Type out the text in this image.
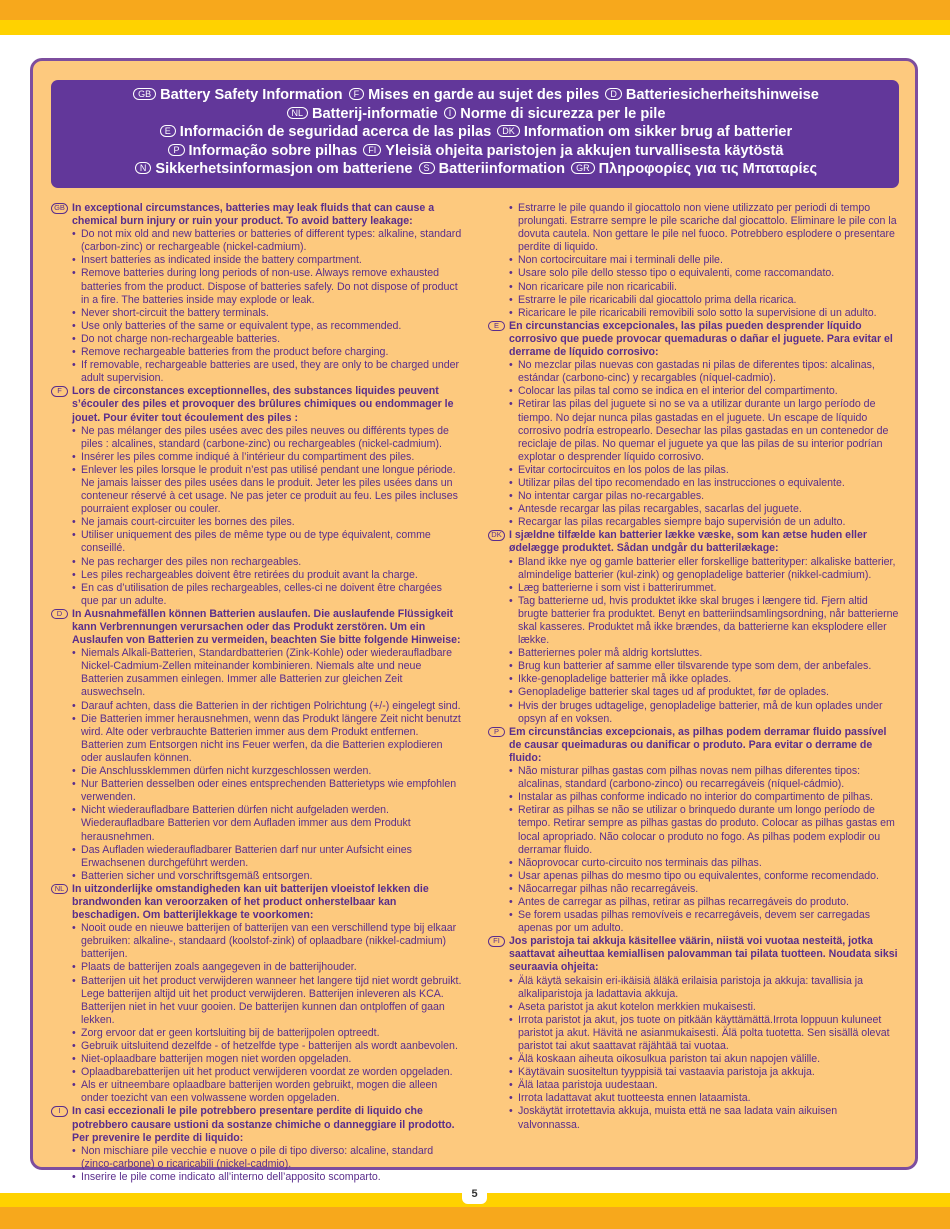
GB Battery Safety Information F Mises en garde au sujet des piles D Batteriesicherheitshinweise
NL Batterij-informatie I Norme di sicurezza per le pile
E Información de seguridad acerca de las pilas DK Information om sikker brug af batterier
P Informação sobre pilhas FI Yleisiä ohjeita paristojen ja akkujen turvallisesta käytöstä
N Sikkerhetsinformasjon om batteriene S Batteriinformation GR Πληροφορίες για τις Μπαταρίες
GB In exceptional circumstances, batteries may leak fluids that can cause a chemical burn injury or ruin your product. To avoid battery leakage:

• Do not mix old and new batteries or batteries of different types: alkaline, standard (carbon-zinc) or rechargeable (nickel-cadmium).
• Insert batteries as indicated inside the battery compartment.
• Remove batteries during long periods of non-use. Always remove exhausted batteries from the product. Dispose of batteries safely. Do not dispose of product in a fire. The batteries inside may explode or leak.
• Never short-circuit the battery terminals.
• Use only batteries of the same or equivalent type, as recommended.
• Do not charge non-rechargeable batteries.
• Remove rechargeable batteries from the product before charging.
• If removable, rechargeable batteries are used, they are only to be charged under adult supervision.
F Lors de circonstances exceptionnelles, des substances liquides peuvent s’écouler des piles et provoquer des brûlures chimiques ou endommager le jouet. Pour éviter tout écoulement des piles :

• Ne pas mélanger des piles usées avec des piles neuves ou différents types de piles : alcalines, standard (carbone-zinc) ou rechargeables (nickel-cadmium).
• Insérer les piles comme indiqué à l’intérieur du compartiment des piles.
• Enlever les piles lorsque le produit n’est pas utilisé pendant une longue période. Ne jamais laisser des piles usées dans le produit. Jeter les piles usées dans un conteneur réservé à cet usage. Ne pas jeter ce produit au feu. Les piles incluses pourraient exploser ou couler.
• Ne jamais court-circuiter les bornes des piles.
• Utiliser uniquement des piles de même type ou de type équivalent, comme conseillé.
• Ne pas recharger des piles non rechargeables.
• Les piles rechargeables doivent être retirées du produit avant la charge.
• En cas d’utilisation de piles rechargeables, celles-ci ne doivent être chargées que par un adulte.
D In Ausnahmefällen können Batterien auslaufen. Die auslaufende Flüssigkeit kann Verbrennungen verursachen oder das Produkt zerstören. Um ein Auslaufen von Batterien zu vermeiden, beachten Sie bitte folgende Hinweise:

• Niemals Alkali-Batterien, Standardbatterien (Zink-Kohle) oder wiederaufladbare Nickel-Cadmium-Zellen miteinander kombinieren. Niemals alte und neue Batterien zusammen einlegen. Immer alle Batterien zur gleichen Zeit auswechseln.
• Darauf achten, dass die Batterien in der richtigen Polrichtung (+/-) eingelegt sind.
• Die Batterien immer herausnehmen, wenn das Produkt längere Zeit nicht benutzt wird. Alte oder verbrauchte Batterien immer aus dem Produkt entfernen. Batterien zum Entsorgen nicht ins Feuer werfen, da die Batterien explodieren oder auslaufen können.
• Die Anschlussklemmen dürfen nicht kurzgeschlossen werden.
• Nur Batterien desselben oder eines entsprechenden Batterietyps wie empfohlen verwenden.
• Nicht wiederaufladbare Batterien dürfen nicht aufgeladen werden. Wiederaufladbare Batterien vor dem Aufladen immer aus dem Produkt herausnehmen.
• Das Aufladen wiederaufladbarer Batterien darf nur unter Aufsicht eines Erwachsenen durchgeführt werden.
• Batterien sicher und vorschriftsgemäß entsorgen.
NL In uitzonderlijke omstandigheden kan uit batterijen vloeistof lekken die brandwonden kan veroorzaken of het product onherstelbaar kan beschadigen. Om batterijlekkage te voorkomen:

• Nooit oude en nieuwe batterijen of batterijen van een verschillend type bij elkaar gebruiken: alkaline-, standaard (koolstof-zink) of oplaadbare (nikkel-cadmium) batterijen.
• Plaats de batterijen zoals aangegeven in de batterijhouder.
• Batterijen uit het product verwijderen wanneer het langere tijd niet wordt gebruikt. Lege batterijen altijd uit het product verwijderen. Batterijen inleveren als KCA. Batterijen niet in het vuur gooien. De batterijen kunnen dan ontploffen of gaan lekken.
• Zorg ervoor dat er geen kortsluiting bij de batterijpolen optreedt.
• Gebruik uitsluitend dezelfde - of hetzelfde type - batterijen als wordt aanbevolen.
• Niet-oplaadbare batterijen mogen niet worden opgeladen.
• Oplaadbarebatterijen uit het product verwijderen voordat ze worden opgeladen.
• Als er uitneembare oplaadbare batterijen worden gebruikt, mogen die alleen onder toezicht van een volwassene worden opgeladen.
I	In casi eccezionali le pile potrebbero presentare perdite di liquido che potrebbero causare ustioni da sostanze chimiche o danneggiare il prodotto. Per prevenire le perdite di liquido:

• Non mischiare pile vecchie e nuove o pile di tipo diverso: alcaline, standard (zinco-carbone) o ricaricabili (nickel-cadmio).
• Inserire le pile come indicato all’interno dell’apposito scomparto.
• Estrarre le pile quando il giocattolo non viene utilizzato per periodi di tempo prolungati. Estrarre sempre le pile scariche dal giocattolo. Eliminare le pile con la dovuta cautela. Non gettare le pile nel fuoco. Potrebbero esplodere o presentare perdite di liquido.
• Non cortocircuitare mai i terminali delle pile.
• Usare solo pile dello stesso tipo o equivalenti, come raccomandato.
• Non ricaricare pile non ricaricabili.
• Estrarre le pile ricaricabili dal giocattolo prima della ricarica.
• Ricaricare le pile ricaricabili removibili solo sotto la supervisione di un adulto.
E En circunstancias excepcionales, las pilas pueden desprender líquido corrosivo que puede provocar quemaduras o dañar el juguete. Para evitar el derrame de líquido corrosivo:

• No mezclar pilas nuevas con gastadas ni pilas de diferentes tipos: alcalinas, estándar (carbono-cinc) y recargables (níquel-cadmio).
• Colocar las pilas tal como se indica en el interior del compartimento.
• Retirar las pilas del juguete si no se va a utilizar durante un largo período de tiempo. No dejar nunca pilas gastadas en el juguete. Un escape de líquido corrosivo podría estropearlo. Desechar las pilas gastadas en un contenedor de reciclaje de pilas. No quemar el juguete ya que las pilas de su interior podrían explotar o desprender líquido corrosivo.
• Evitar cortocircuitos en los polos de las pilas.
• Utilizar pilas del tipo recomendado en las instrucciones o equivalente.
• No intentar cargar pilas no-recargables.
• Antesde recargar las pilas recargables, sacarlas del juguete.
• Recargar las pilas recargables siempre bajo supervisión de un adulto.
DK I sjældne tilfælde kan batterier lække væske, som kan ætse huden eller ødelægge produktet. Sådan undgår du batterilækage:

• Bland ikke nye og gamle batterier eller forskellige batterityper: alkaliske batterier, almindelige batterier (kul-zink) og genopladelige batterier (nikkel-cadmium).
• Læg batterierne i som vist i batterirummet.
• Tag batterierne ud, hvis produktet ikke skal bruges i længere tid. Fjern altid brugte batterier fra produktet. Benyt en batteriindsamlingsordning, når batterierne skal kasseres. Produktet må ikke brændes, da batterierne kan eksplodere eller lække.
• Batteriernes poler må aldrig kortsluttes.
• Brug kun batterier af samme eller tilsvarende type som dem, der anbefales.
• Ikke-genopladelige batterier må ikke oplades.
• Genopladelige batterier skal tages ud af produktet, før de oplades.
• Hvis der bruges udtagelige, genopladelige batterier, må de kun oplades under opsyn af en voksen.
P Em circunstâncias excepcionais, as pilhas podem derramar fluido passível de causar queimaduras ou danificar o produto. Para evitar o derrame de fluido:

• Não misturar pilhas gastas com pilhas novas nem pilhas diferentes tipos: alcalinas, standard (carbono-zinco) ou recarregáveis (níquel-cádmio).
• Instalar as pilhas conforme indicado no interior do compartimento de pilhas.
• Retirar as pilhas se não se utilizar o brinquedo durante um longo período de tempo. Retirar sempre as pilhas gastas do produto. Colocar as pilhas gastas em local apropriado. Não colocar o produto no fogo. As pilhas podem explodir ou derramar fluido.
• Nãoprovocar curto-circuito nos terminais das pilhas.
• Usar apenas pilhas do mesmo tipo ou equivalentes, conforme recomendado.
• Nãocarregar pilhas não recarregáveis.
• Antes de carregar as pilhas, retirar as pilhas recarregáveis do produto.
• Se forem usadas pilhas removíveis e recarregáveis, devem ser carregadas apenas por um adulto.
FI Jos paristoja tai akkuja käsitellee väärin, niistä voi vuotaa nesteitä, jotka saattavat aiheuttaa kemiallisen palovamman tai pilata tuotteen. Noudata siksi seuraavia ohjeita:

• Älä käytä sekaisin eri-ikäisiä äläkä erilaisia paristoja ja akkuja: tavallisia ja alkaliparistoja ja ladattavia akkuja.
• Aseta paristot ja akut kotelon merkkien mukaisesti.
• Irrota paristot ja akut, jos tuote on pitkään käyttämättä.Irrota loppuun kuluneet paristot ja akut. Hävitä ne asianmukaisesti. Älä polta tuotetta. Sen sisällä olevat paristot tai akut saattavat räjähtää tai vuotaa.
• Älä koskaan aiheuta oikosulkua pariston tai akun napojen välille.
• Käytävain suositeltun tyyppisiä tai vastaavia paristoja ja akkuja.
• Älä lataa paristoja uudestaan.
• Irrota ladattavat akut tuotteesta ennen lataamista.
• Joskäytät irrotettavia akkuja, muista että ne saa ladata vain aikuisen valvonnassa.
5
